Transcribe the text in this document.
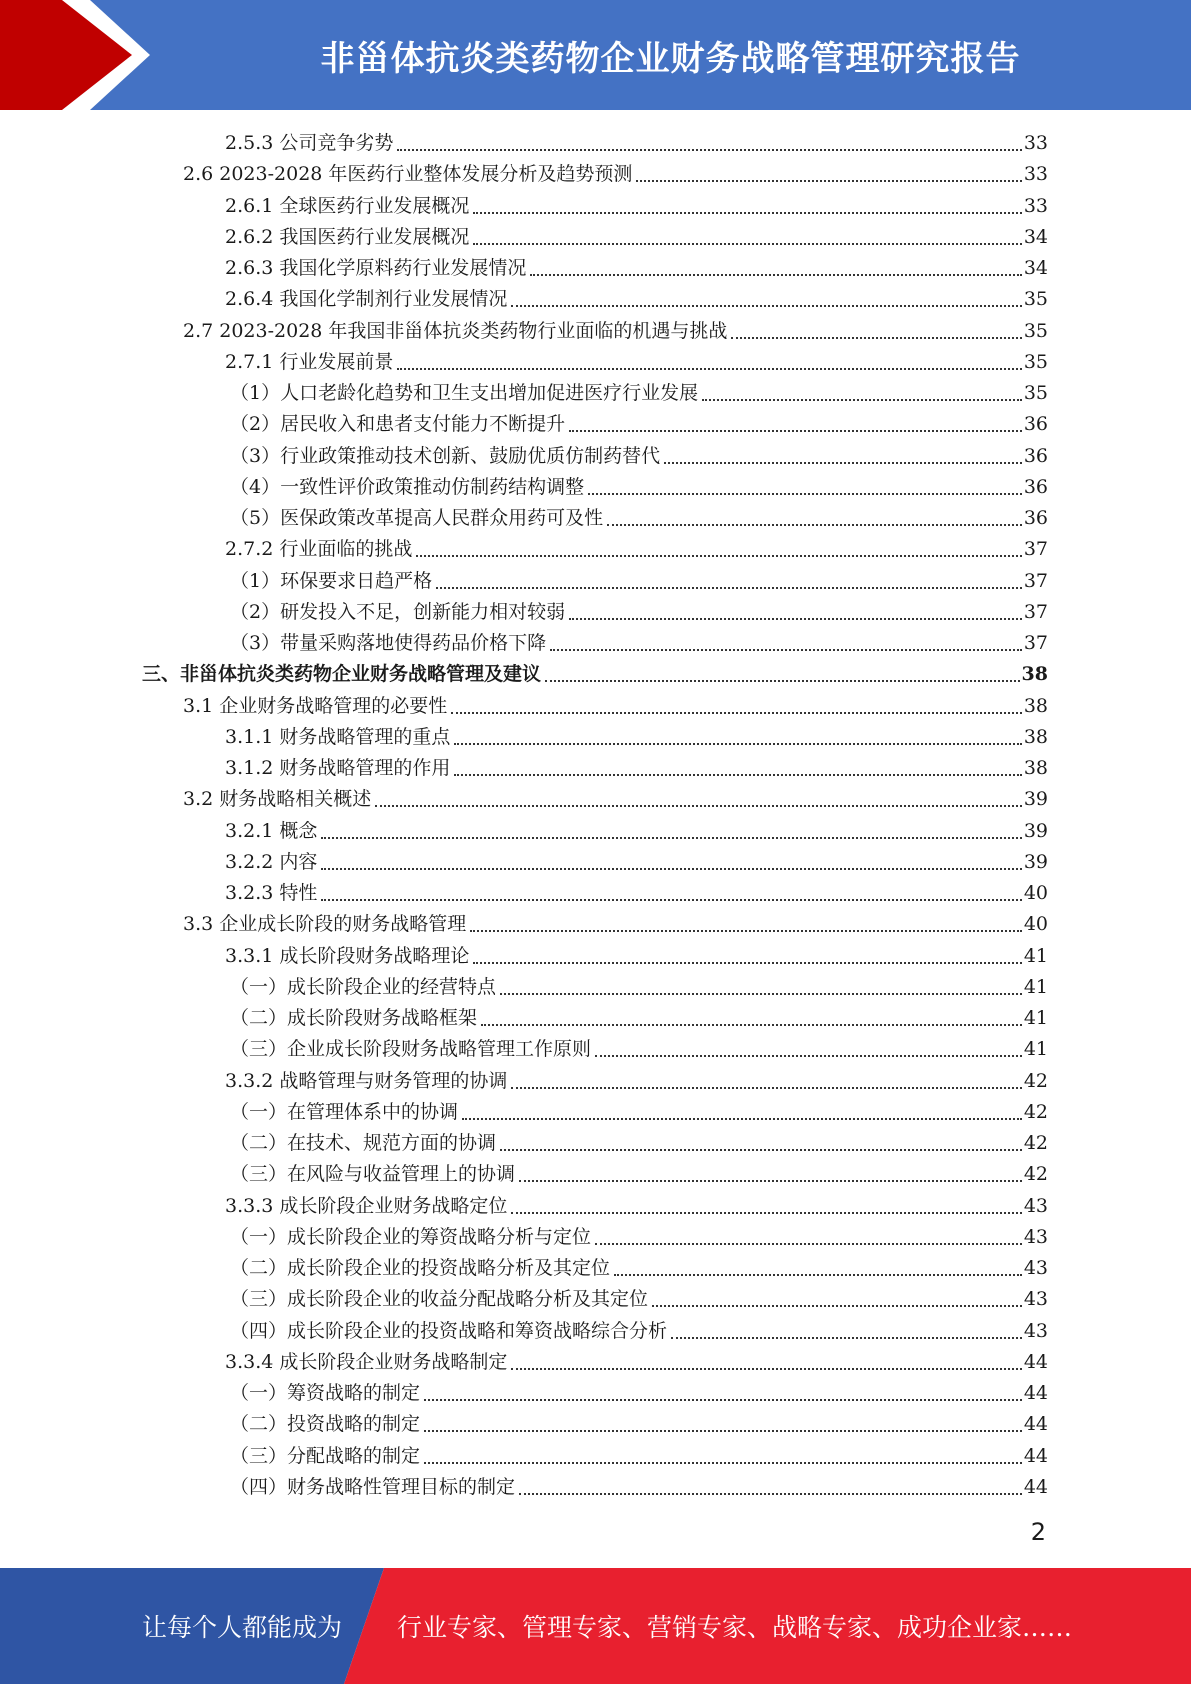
非甾体抗炎类药物企业财务战略管理研究报告
2.5.3 公司竞争劣势	33
2.6 2023-2028 年医药行业整体发展分析及趋势预测	33
2.6.1 全球医药行业发展概况	33
2.6.2 我国医药行业发展概况	34
2.6.3 我国化学原料药行业发展情况	34
2.6.4 我国化学制剂行业发展情况	35
2.7 2023-2028 年我国非甾体抗炎类药物行业面临的机遇与挑战	35
2.7.1 行业发展前景	35
（1）人口老龄化趋势和卫生支出增加促进医疗行业发展	35
（2）居民收入和患者支付能力不断提升	36
（3）行业政策推动技术创新、鼓励优质仿制药替代	36
（4）一致性评价政策推动仿制药结构调整	36
（5）医保政策改革提高人民群众用药可及性	36
2.7.2 行业面临的挑战	37
（1）环保要求日趋严格	37
（2）研发投入不足，创新能力相对较弱	37
（3）带量采购落地使得药品价格下降	37
三、非甾体抗炎类药物企业财务战略管理及建议	38
3.1 企业财务战略管理的必要性	38
3.1.1 财务战略管理的重点	38
3.1.2 财务战略管理的作用	38
3.2 财务战略相关概述	39
3.2.1 概念	39
3.2.2 内容	39
3.2.3 特性	40
3.3 企业成长阶段的财务战略管理	40
3.3.1 成长阶段财务战略理论	41
（一）成长阶段企业的经营特点	41
（二）成长阶段财务战略框架	41
（三）企业成长阶段财务战略管理工作原则	41
3.3.2 战略管理与财务管理的协调	42
（一）在管理体系中的协调	42
（二）在技术、规范方面的协调	42
（三）在风险与收益管理上的协调	42
3.3.3 成长阶段企业财务战略定位	43
（一）成长阶段企业的筹资战略分析与定位	43
（二）成长阶段企业的投资战略分析及其定位	43
（三）成长阶段企业的收益分配战略分析及其定位	43
（四）成长阶段企业的投资战略和筹资战略综合分析	43
3.3.4 成长阶段企业财务战略制定	44
（一）筹资战略的制定	44
（二）投资战略的制定	44
（三）分配战略的制定	44
（四）财务战略性管理目标的制定	44
2
让每个人都能成为 行业专家、管理专家、营销专家、战略专家、成功企业家……
